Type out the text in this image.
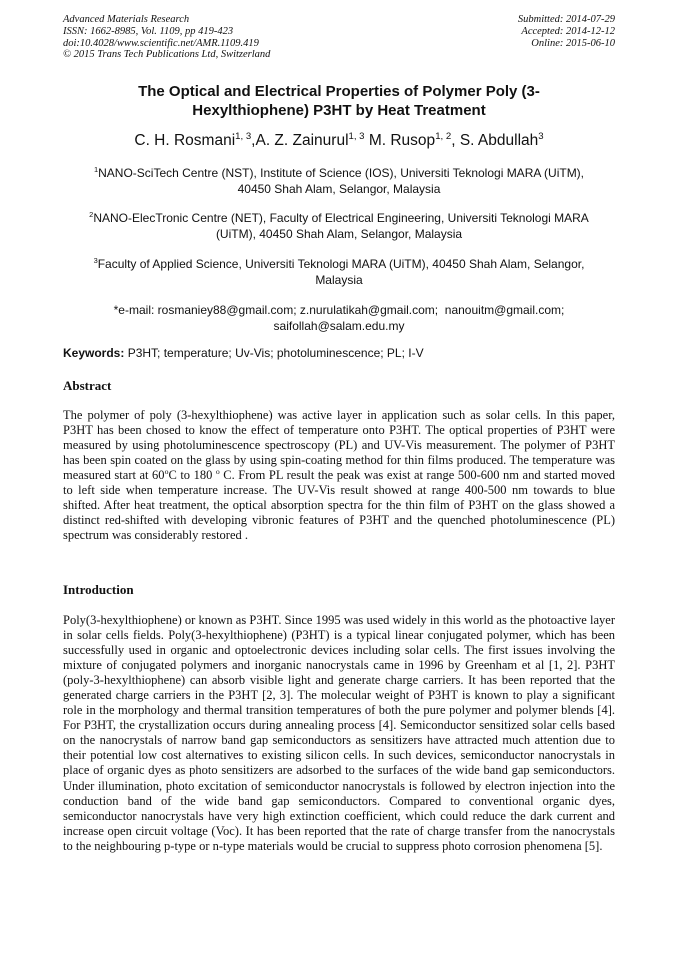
Advanced Materials Research
ISSN: 1662-8985, Vol. 1109, pp 419-423
doi:10.4028/www.scientific.net/AMR.1109.419
© 2015 Trans Tech Publications Ltd, Switzerland
Submitted: 2014-07-29
Accepted: 2014-12-12
Online: 2015-06-10
The Optical and Electrical Properties of Polymer Poly (3-
Hexylthiophene) P3HT by Heat Treatment
C. H. Rosmani$^{1, 3}$,A. Z. Zainurul$^{1, 3}$ M. Rusop$^{1, 2}$, S. Abdullah$^3$
$^1$NANO-SciTech Centre (NST), Institute of Science (IOS), Universiti Teknologi MARA (UiTM),
40450 Shah Alam, Selangor, Malaysia
$^2$NANO-ElecTronic Centre (NET), Faculty of Electrical Engineering, Universiti Teknologi MARA
(UiTM), 40450 Shah Alam, Selangor, Malaysia
$^3$Faculty of Applied Science, Universiti Teknologi MARA (UiTM), 40450 Shah Alam, Selangor,
Malaysia
*e-mail: rosmaniey88@gmail.com; z.nurulatikah@gmail.com;  nanouitm@gmail.com;
saifollah@salam.edu.my
Keywords: P3HT; temperature; Uv-Vis; photoluminescence; PL; I-V
Abstract
The polymer of poly (3-hexylthiophene) was active layer in application such as solar cells. In this paper, P3HT has been chosed to know the effect of temperature onto P3HT. The optical properties of P3HT were measured by using photoluminescence spectroscopy (PL) and UV-Vis measurement. The polymer of P3HT has been spin coated on the glass by using spin-coating method for thin films produced. The temperature was measured start at 60$^o$C to 180 $^o$ C. From PL result the peak was exist at range 500-600 nm and started moved to left side when temperature increase. The UV-Vis result showed at range 400-500 nm towards to blue shifted. After heat treatment, the optical absorption spectra for the thin film of P3HT on the glass showed a distinct red-shifted with developing vibronic features of P3HT and the quenched photoluminescence (PL) spectrum was considerably restored .
Introduction
Poly(3-hexylthiophene) or known as P3HT. Since 1995 was used widely in this world as the photoactive layer in solar cells fields. Poly(3-hexylthiophene) (P3HT) is a typical linear conjugated polymer, which has been successfully used in organic and optoelectronic devices including solar cells. The first issues involving the mixture of conjugated polymers and inorganic nanocrystals came in 1996 by Greenham et al [1, 2]. P3HT (poly-3-hexylthiophene) can absorb visible light and generate charge carriers. It has been reported that the generated charge carriers in the P3HT [2, 3]. The molecular weight of P3HT is known to play a significant role in the morphology and thermal transition temperatures of both the pure polymer and polymer blends [4]. For P3HT, the crystallization occurs during annealing process [4]. Semiconductor sensitized solar cells based on the nanocrystals of narrow band gap semiconductors as sensitizers have attracted much attention due to their potential low cost alternatives to existing silicon cells. In such devices, semiconductor nanocrystals in place of organic dyes as photo sensitizers are adsorbed to the surfaces of the wide band gap semiconductors. Under illumination, photo excitation of semiconductor nanocrystals is followed by electron injection into the conduction band of the wide band gap semiconductors. Compared to conventional organic dyes, semiconductor nanocrystals have very high extinction coefficient, which could reduce the dark current and increase open circuit voltage (Voc). It has been reported that the rate of charge transfer from the nanocrystals to the neighbouring p-type or n-type materials would be crucial to suppress photo corrosion phenomena [5].
